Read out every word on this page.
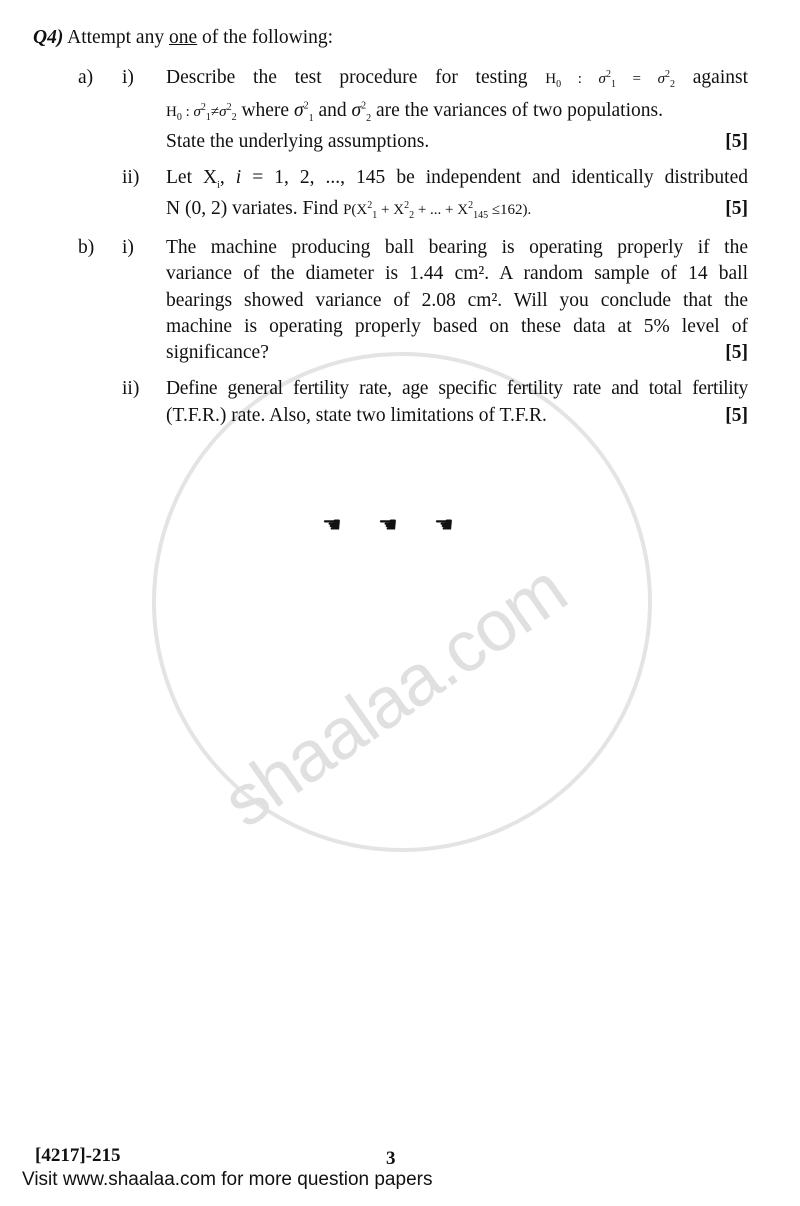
shaalaa.com
Q4) Attempt any one of the following:
a) i) Describe the test procedure for testing $H_0$ : $\sigma^2_1 = \sigma^2_2$ against
$H_0$ : $\sigma^2_1\ne\sigma^2_2$ where $\sigma^2_1$ and $\sigma^2_2$ are the variances of two populations.
State the underlying assumptions.	[5]
ii) Let $X_i$, i = 1, 2, ..., 145 be independent and identically distributed
N (0, 2) variates. Find $P(X^2_1 + X^2_2$ + ... + $X^2_{145} \le 162$).	[5]
b) i) The machine producing ball bearing is operating properly if the
variance of the diameter is 1.44 cm². A random sample of 14 ball
bearings showed variance of 2.08 cm². Will you conclude that the
machine is operating properly based on these data at 5% level of
significance?	[5]
ii) Define general fertility rate, age specific fertility rate and total fertility
(T.F.R.) rate. Also, state two limitations of T.F.R.	[5]
☛ ☛ ☛
[4217]-215	3
Visit www.shaalaa.com for more question papers
